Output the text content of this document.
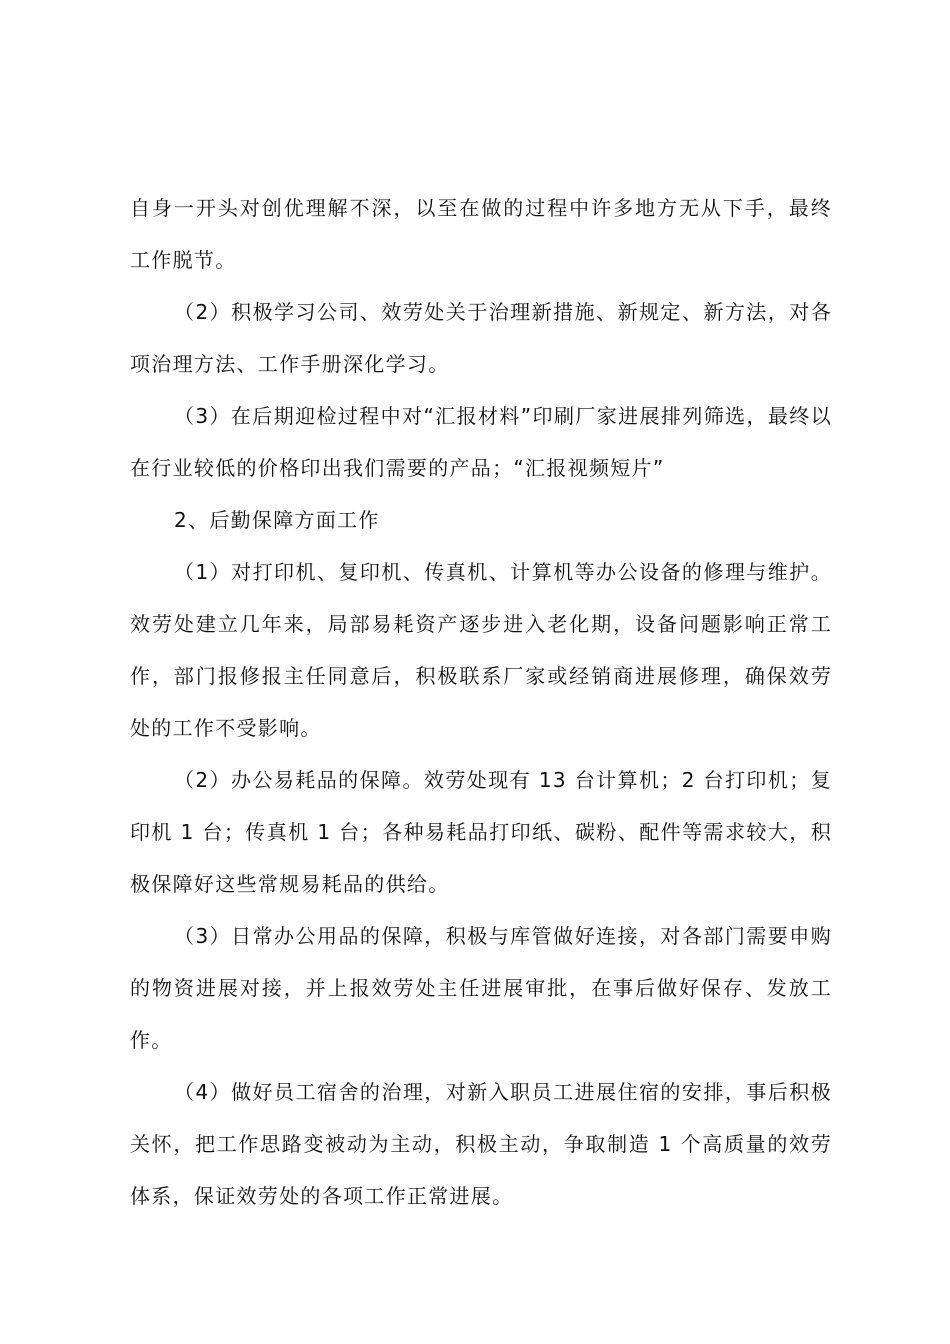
自身一开头对创优理解不深，以至在做的过程中许多地方无从下手，最终工作脱节。

（2）积极学习公司、效劳处关于治理新措施、新规定、新方法，对各项治理方法、工作手册深化学习。

（3）在后期迎检过程中对“汇报材料”印刷厂家进展排列筛选，最终以在行业较低的价格印出我们需要的产品；“汇报视频短片”

2、后勤保障方面工作

（1）对打印机、复印机、传真机、计算机等办公设备的修理与维护。效劳处建立几年来，局部易耗资产逐步进入老化期，设备问题影响正常工作，部门报修报主任同意后，积极联系厂家或经销商进展修理，确保效劳处的工作不受影响。

（2）办公易耗品的保障。效劳处现有 13 台计算机；2 台打印机；复印机 1 台；传真机 1 台；各种易耗品打印纸、碳粉、配件等需求较大，积极保障好这些常规易耗品的供给。

（3）日常办公用品的保障，积极与库管做好连接，对各部门需要申购的物资进展对接，并上报效劳处主任进展审批，在事后做好保存、发放工作。

（4）做好员工宿舍的治理，对新入职员工进展住宿的安排，事后积极关怀，把工作思路变被动为主动，积极主动，争取制造 1 个高质量的效劳体系，保证效劳处的各项工作正常进展。
